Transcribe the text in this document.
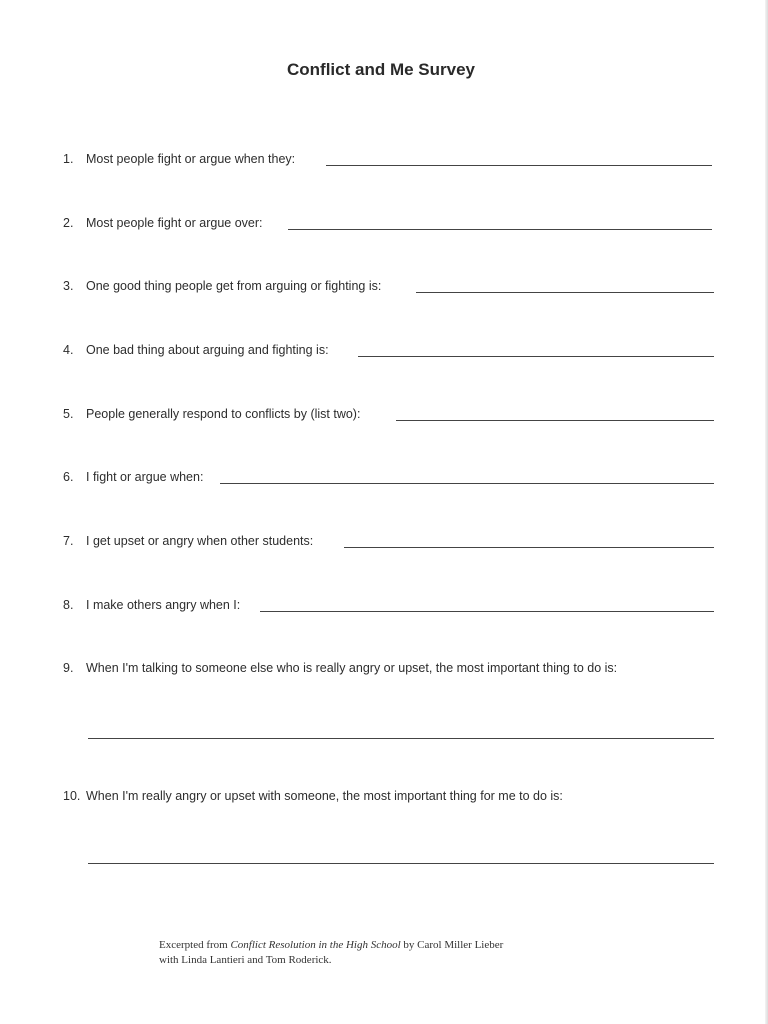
Conflict and Me Survey
1. Most people fight or argue when they:
2. Most people fight or argue over:
3. One good thing people get from arguing or fighting is:
4. One bad thing about arguing and fighting is:
5. People generally respond to conflicts by (list two):
6. I fight or argue when:
7. I get upset or angry when other students:
8. I make others angry when I:
9. When I'm talking to someone else who is really angry or upset, the most important thing to do is:
10. When I'm really angry or upset with someone, the most important thing for me to do is:
Excerpted from Conflict Resolution in the High School by Carol Miller Lieber
with Linda Lantieri and Tom Roderick.
